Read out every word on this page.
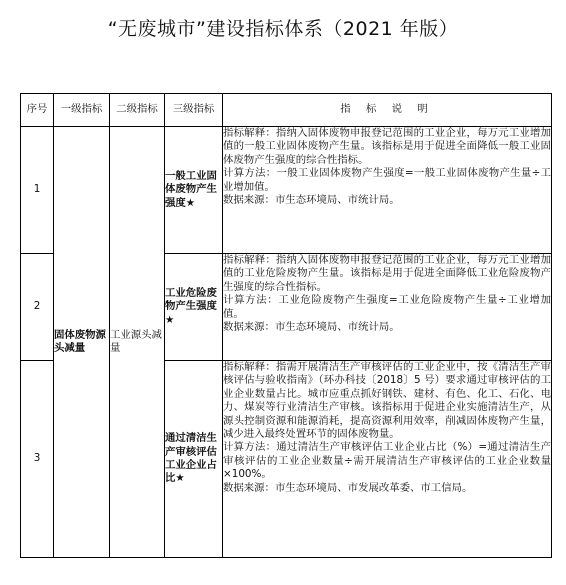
“无废城市”建设指标体系（2021 年版）
序号	一级指标	二级指标	三级指标	指 标 说 明
1	固体废物源头减量	工业源头减量	一般工业固体废物产生强度★	指标解释：指纳入固体废物申报登记范围的工业企业，每万元工业增加值的一般工业固体废物产生量。该指标是用于促进全面降低一般工业固体废物产生强度的综合性指标。
计算方法：一般工业固体废物产生强度=一般工业固体废物产生量÷工业增加值。
数据来源：市生态环境局、市统计局。

2			工业危险废物产生强度★	指标解释：指纳入固体废物申报登记范围的工业企业，每万元工业增加值的工业危险废物产生量。该指标是用于促进全面降低工业危险废物产生强度的综合性指标。
计算方法：工业危险废物产生强度=工业危险废物产生量÷工业增加值。
数据来源：市生态环境局、市统计局。

3			通过清洁生产审核评估工业企业占比★	指标解释：指需开展清洁生产审核评估的工业企业中，按《清洁生产审核评估与验收指南》（环办科技〔2018〕5 号）要求通过审核评估的工业企业数量占比。城市应重点抓好钢铁、建材、有色、化工、石化、电力、煤炭等行业清洁生产审核。该指标用于促进企业实施清洁生产，从源头控制资源和能源消耗，提高资源利用效率，削减固体废物产生量，减少进入最终处置环节的固体废物量。
计算方法：通过清洁生产审核评估工业企业占比（%）=通过清洁生产审核评估的工业企业数量÷需开展清洁生产审核评估的工业企业数量×100%。
数据来源：市生态环境局、市发展改革委、市工信局。
